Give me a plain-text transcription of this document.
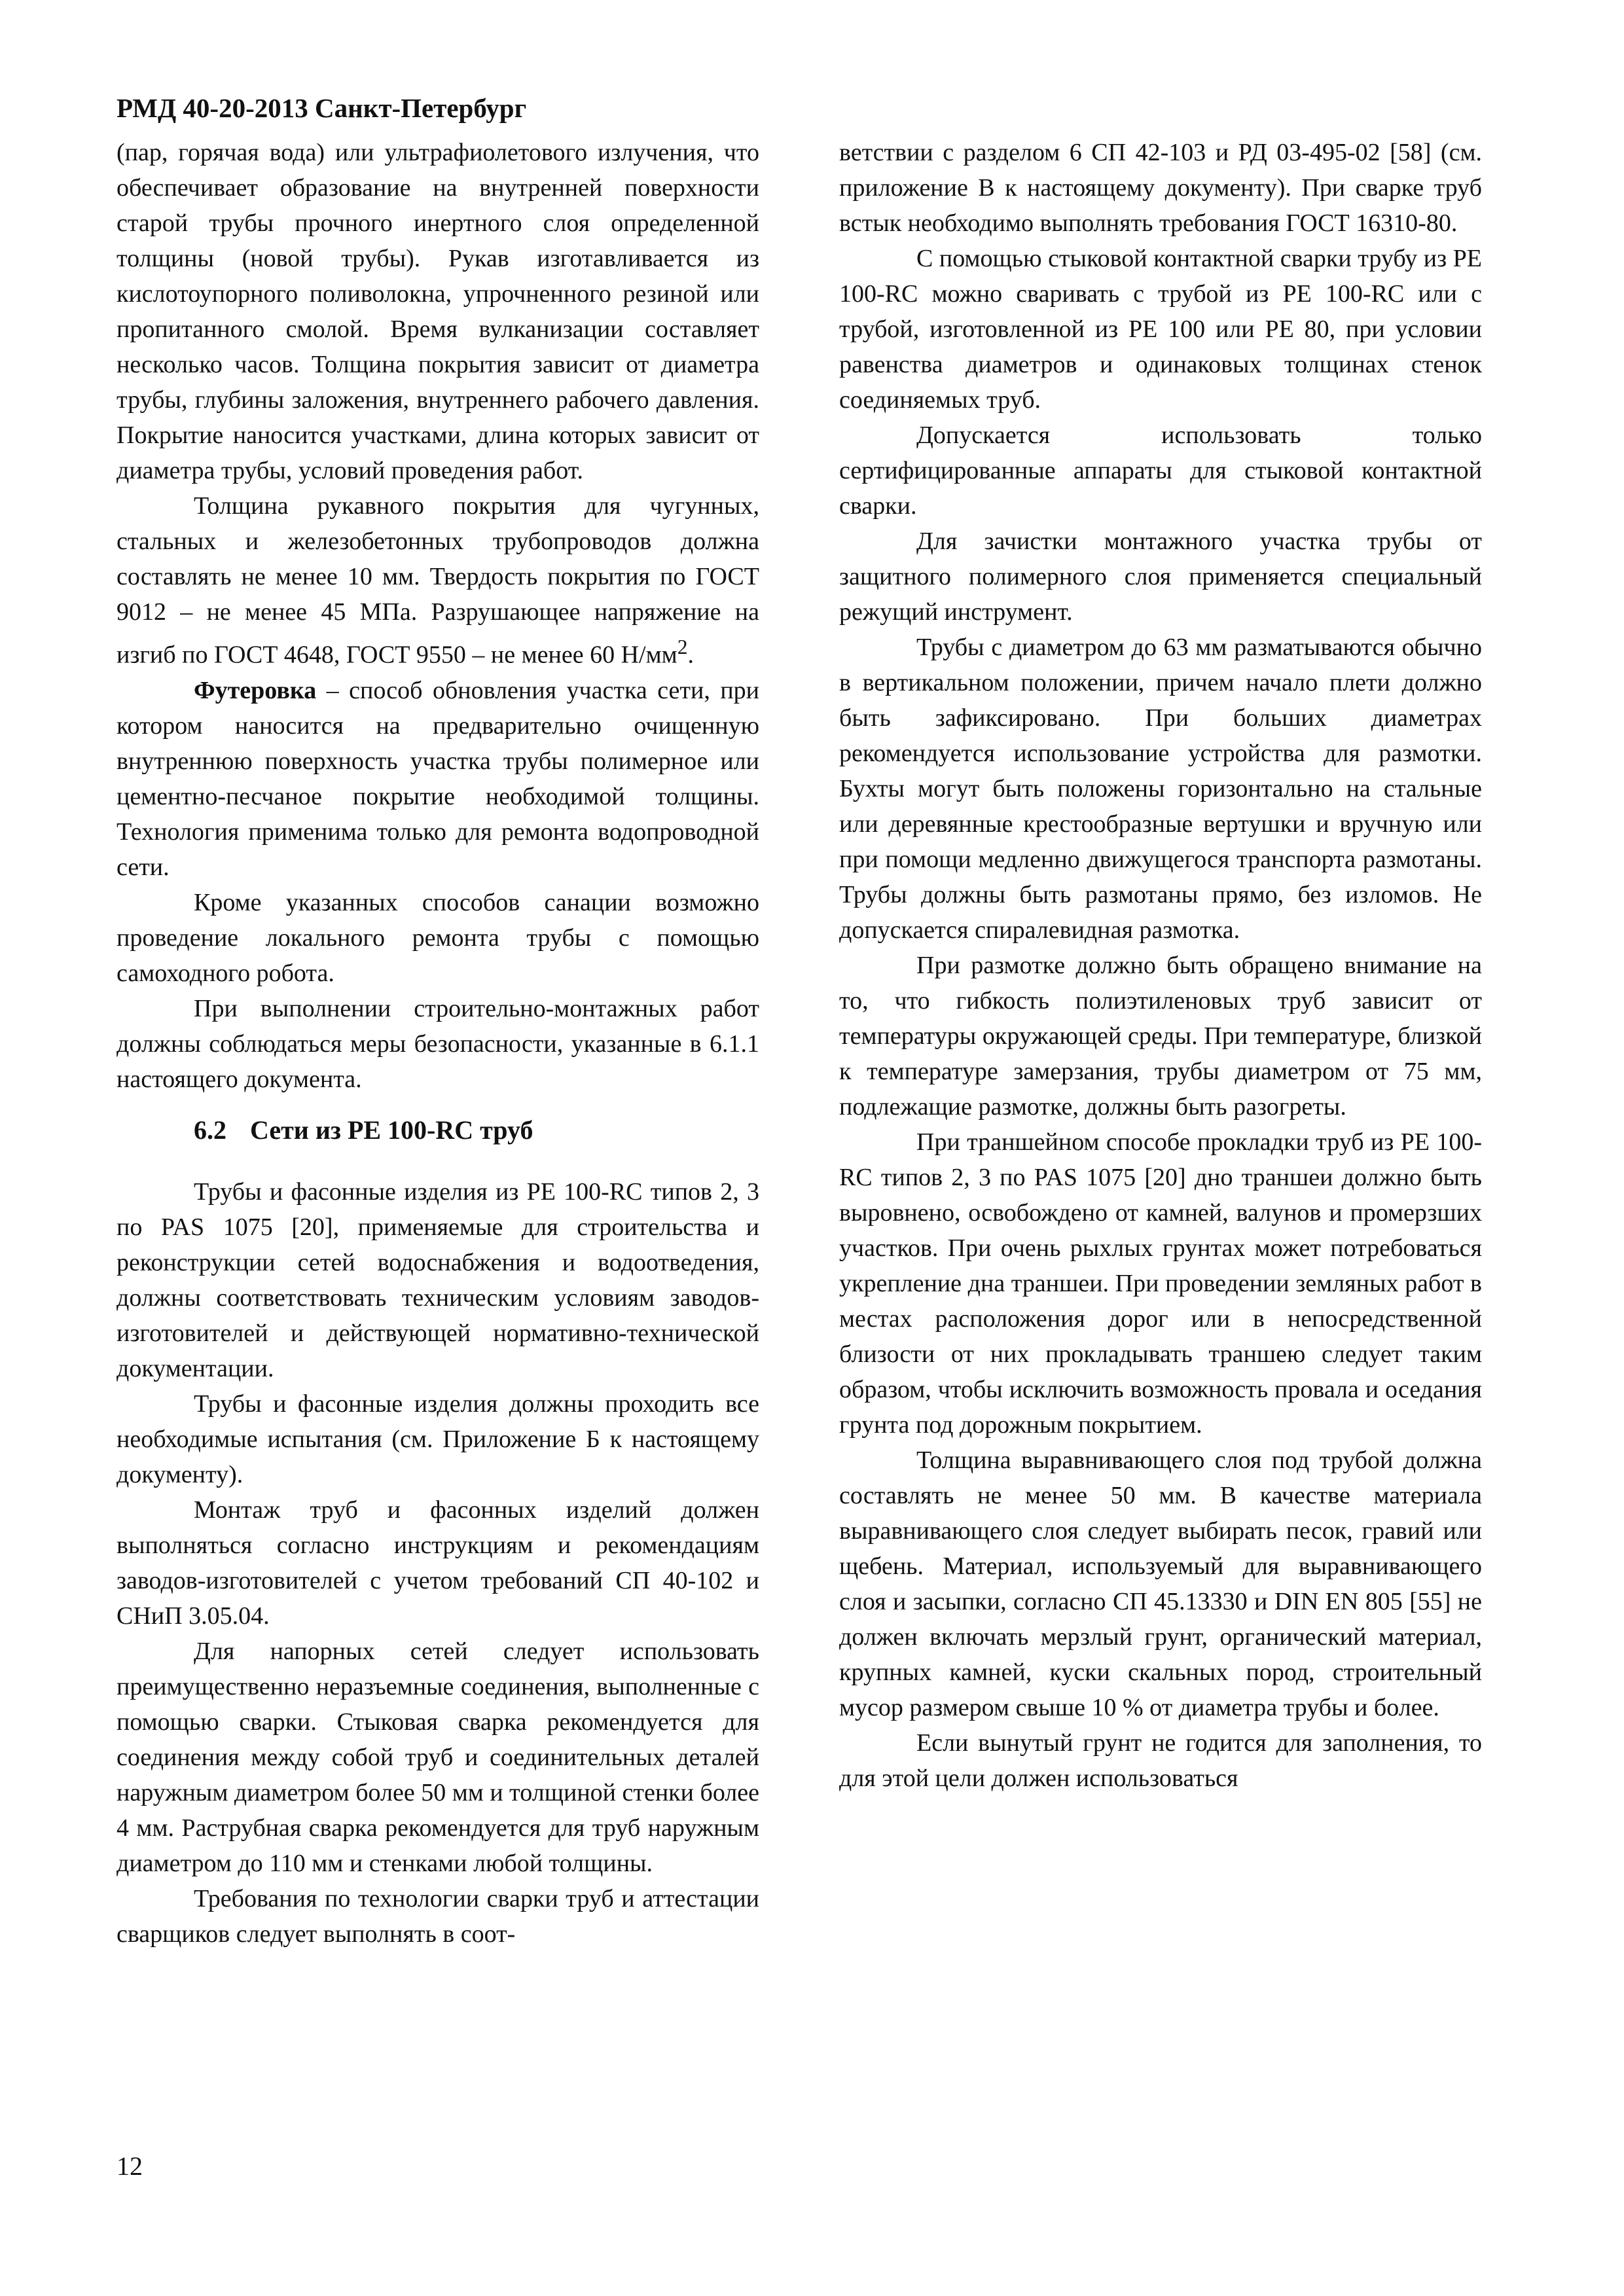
РМД 40-20-2013 Санкт-Петербург

(пар, горячая вода) или ультрафиолетового излучения, что обеспечивает образование на внутренней поверхности старой трубы прочного инертного слоя определенной толщины (новой трубы). Рукав изготавливается из кислотоупорного поливолокна, упрочненного резиной или пропитанного смолой. Время вулканизации составляет несколько часов. Толщина покрытия зависит от диаметра трубы, глубины заложения, внутреннего рабочего давления. Покрытие наносится участками, длина которых зависит от диаметра трубы, условий проведения работ.

Толщина рукавного покрытия для чугунных, стальных и железобетонных трубопроводов должна составлять не менее 10 мм. Твердость покрытия по ГОСТ 9012 – не менее 45 МПа. Разрушающее напряжение на изгиб по ГОСТ 4648, ГОСТ 9550 – не менее 60 $Н/мм^2$.

Футеровка – способ обновления участка сети, при котором наносится на предварительно очищенную внутреннюю поверхность участка трубы полимерное или цементно-песчаное покрытие необходимой толщины. Технология применима только для ремонта водопроводной сети.

Кроме указанных способов санации возможно проведение локального ремонта трубы с помощью самоходного робота.

При выполнении строительно-монтажных работ должны соблюдаться меры безопасности, указанные в 6.1.1 настоящего документа.

6.2 Сети из PE 100-RC труб

Трубы и фасонные изделия из PE 100-RC типов 2, 3 по PAS 1075 [20], применяемые для строительства и реконструкции сетей водоснабжения и водоотведения, должны соответствовать техническим условиям заводов-изготовителей и действующей нормативно-технической документации.

Трубы и фасонные изделия должны проходить все необходимые испытания (см. Приложение Б к настоящему документу).

Монтаж труб и фасонных изделий должен выполняться согласно инструкциям и рекомендациям заводов-изготовителей с учетом требований СП 40-102 и СНиП 3.05.04.

Для напорных сетей следует использовать преимущественно неразъемные соединения, выполненные с помощью сварки. Стыковая сварка рекомендуется для соединения между собой труб и соединительных деталей наружным диаметром более 50 мм и толщиной стенки более 4 мм. Раструбная сварка рекомендуется для труб наружным диаметром до 110 мм и стенками любой толщины.

Требования по технологии сварки труб и аттестации сварщиков следует выполнять в соот-

ветствии с разделом 6 СП 42-103 и РД 03-495-02 [58] (см. приложение В к настоящему документу). При сварке труб встык необходимо выполнять требования ГОСТ 16310-80.

С помощью стыковой контактной сварки трубу из PE 100-RC можно сваривать с трубой из PE 100-RC или с трубой, изготовленной из PE 100 или PE 80, при условии равенства диаметров и одинаковых толщинах стенок соединяемых труб.

Допускается использовать только сертифицированные аппараты для стыковой контактной сварки.

Для зачистки монтажного участка трубы от защитного полимерного слоя применяется специальный режущий инструмент.

Трубы с диаметром до 63 мм разматываются обычно в вертикальном положении, причем начало плети должно быть зафиксировано. При больших диаметрах рекомендуется использование устройства для размотки. Бухты могут быть положены горизонтально на стальные или деревянные крестообразные вертушки и вручную или при помощи медленно движущегося транспорта размотаны. Трубы должны быть размотаны прямо, без изломов. Не допускается спиралевидная размотка.

При размотке должно быть обращено внимание на то, что гибкость полиэтиленовых труб зависит от температуры окружающей среды. При температуре, близкой к температуре замерзания, трубы диаметром от 75 мм, подлежащие размотке, должны быть разогреты.

При траншейном способе прокладки труб из PE 100-RC типов 2, 3 по PAS 1075 [20] дно траншеи должно быть выровнено, освобождено от камней, валунов и промерзших участков. При очень рыхлых грунтах может потребоваться укрепление дна траншеи. При проведении земляных работ в местах расположения дорог или в непосредственной близости от них прокладывать траншею следует таким образом, чтобы исключить возможность провала и оседания грунта под дорожным покрытием.

Толщина выравнивающего слоя под трубой должна составлять не менее 50 мм. В качестве материала выравнивающего слоя следует выбирать песок, гравий или щебень. Материал, используемый для выравнивающего слоя и засыпки, согласно СП 45.13330 и DIN EN 805 [55] не должен включать мерзлый грунт, органический материал, крупных камней, куски скальных пород, строительный мусор размером свыше 10 % от диаметра трубы и более.

Если вынутый грунт не годится для заполнения, то для этой цели должен использоваться

12
